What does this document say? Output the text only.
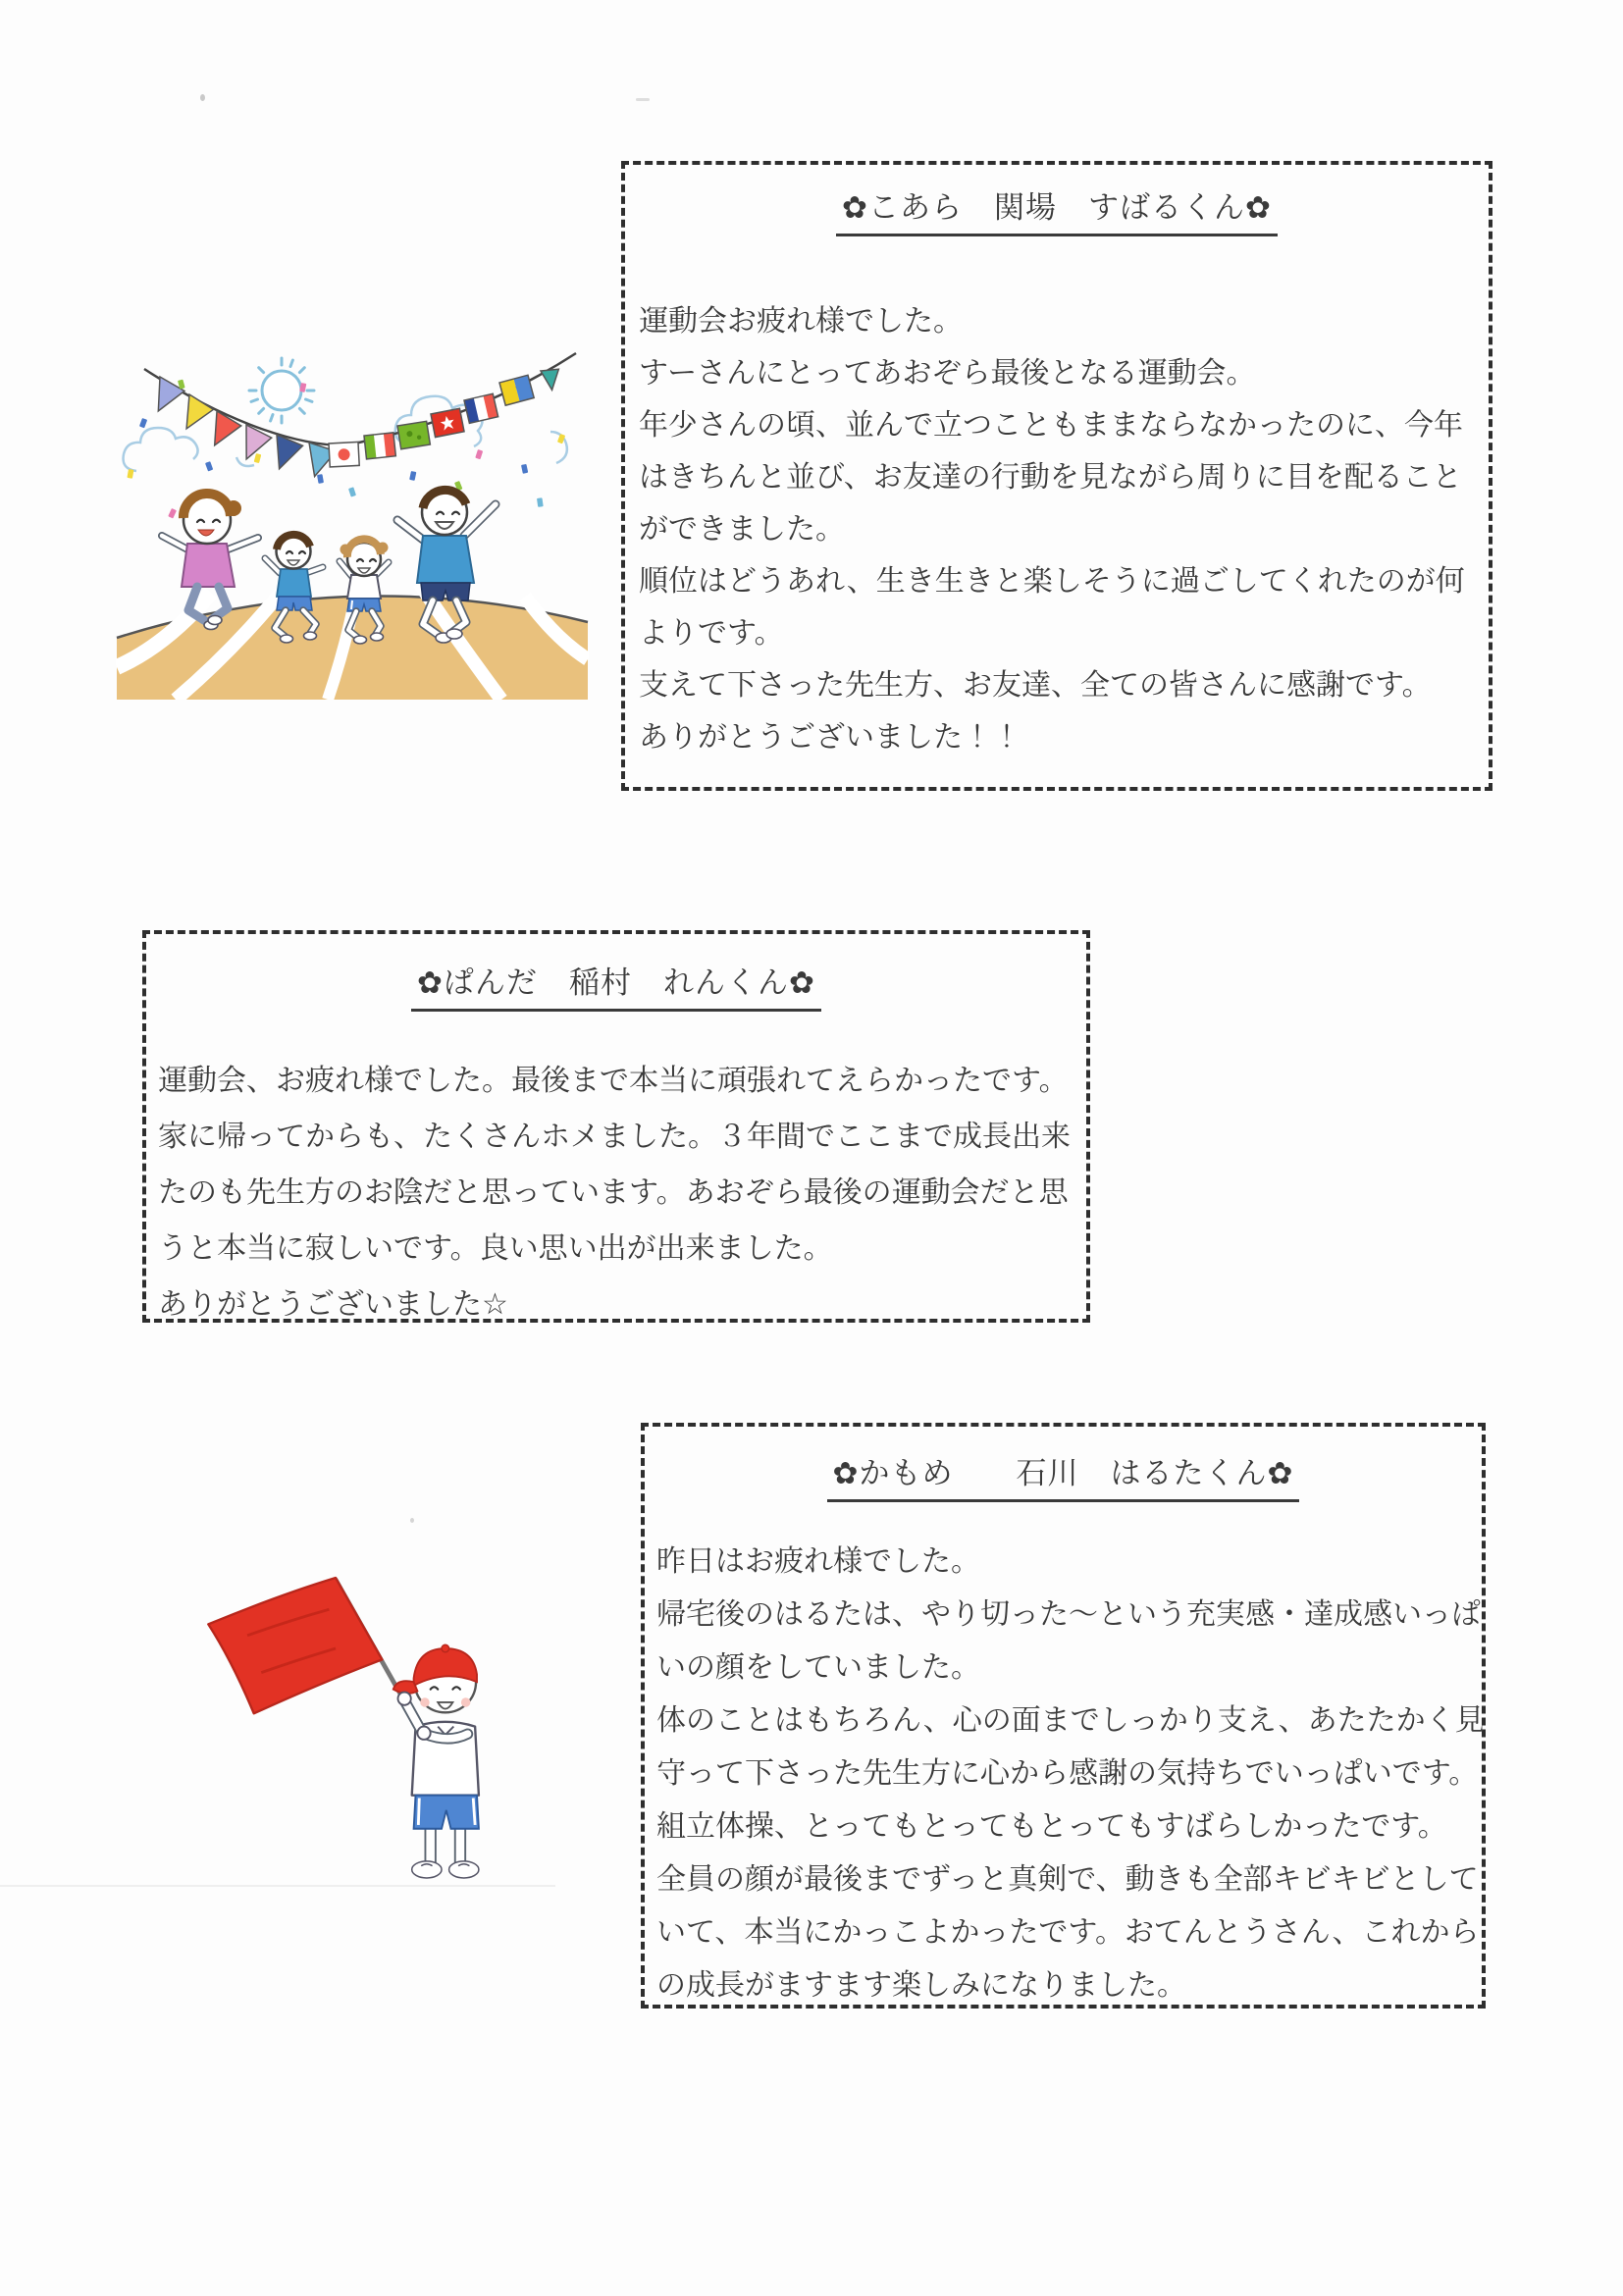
✿こあら　関場　すばるくん✿
運動会お疲れ様でした。
すーさんにとってあおぞら最後となる運動会。
年少さんの頃、並んで立つこともままならなかったのに、今年
はきちんと並び、お友達の行動を見ながら周りに目を配ること
ができました。
順位はどうあれ、生き生きと楽しそうに過ごしてくれたのが何
よりです。
支えて下さった先生方、お友達、全ての皆さんに感謝です。
ありがとうございました！！
✿ぱんだ　稲村　れんくん✿
運動会、お疲れ様でした。最後まで本当に頑張れてえらかったです。
家に帰ってからも、たくさんホメました。３年間でここまで成長出来
たのも先生方のお陰だと思っています。あおぞら最後の運動会だと思
うと本当に寂しいです。良い思い出が出来ました。
ありがとうございました☆
✿かもめ　　石川　はるたくん✿
昨日はお疲れ様でした。
帰宅後のはるたは、やり切った～という充実感・達成感いっぱ
いの顔をしていました。
体のことはもちろん、心の面までしっかり支え、あたたかく見
守って下さった先生方に心から感謝の気持ちでいっぱいです。
組立体操、とってもとってもとってもすばらしかったです。
全員の顔が最後までずっと真剣で、動きも全部キビキビとして
いて、本当にかっこよかったです。おてんとうさん、これから
の成長がますます楽しみになりました。
